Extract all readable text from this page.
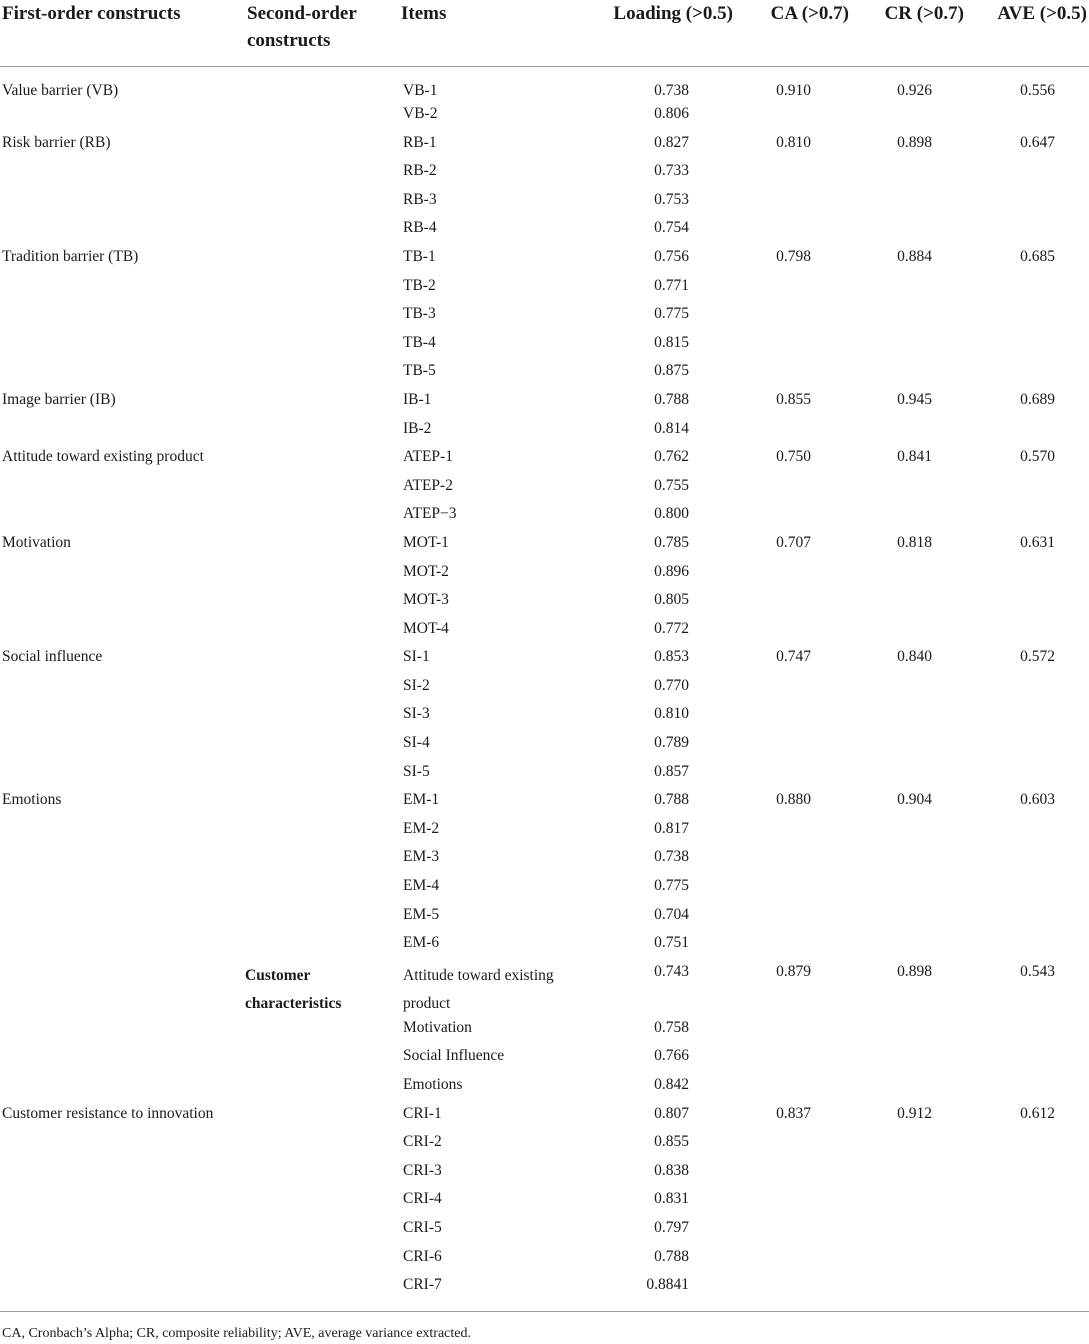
First-order constructs	Second-order constructs	Items	Loading (>0.5)	CA (>0.7)	CR (>0.7)	AVE (>0.5)
Value barrier (VB)		VB-1	0.738	0.910	0.926	0.556
		VB-2	0.806			
Risk barrier (RB)		RB-1	0.827	0.810	0.898	0.647
		RB-2	0.733			
		RB-3	0.753			
		RB-4	0.754			
Tradition barrier (TB)		TB-1	0.756	0.798	0.884	0.685
		TB-2	0.771			
		TB-3	0.775			
		TB-4	0.815			
		TB-5	0.875			
Image barrier (IB)		IB-1	0.788	0.855	0.945	0.689
		IB-2	0.814			
Attitude toward existing product		ATEP-1	0.762	0.750	0.841	0.570
		ATEP-2	0.755			
		ATEP−3	0.800			
Motivation		MOT-1	0.785	0.707	0.818	0.631
		MOT-2	0.896			
		MOT-3	0.805			
		MOT-4	0.772			
Social influence		SI-1	0.853	0.747	0.840	0.572
		SI-2	0.770			
		SI-3	0.810			
		SI-4	0.789			
		SI-5	0.857			
Emotions		EM-1	0.788	0.880	0.904	0.603
		EM-2	0.817			
		EM-3	0.738			
		EM-4	0.775			
		EM-5	0.704			
		EM-6	0.751			
	Customer characteristics	Attitude toward existing product	0.743	0.879	0.898	0.543
		Motivation	0.758			
		Social Influence	0.766			
		Emotions	0.842			
Customer resistance to innovation		CRI-1	0.807	0.837	0.912	0.612
		CRI-2	0.855			
		CRI-3	0.838			
		CRI-4	0.831			
		CRI-5	0.797			
		CRI-6	0.788			
		CRI-7	0.8841			
CA, Cronbach’s Alpha; CR, composite reliability; AVE, average variance extracted.
